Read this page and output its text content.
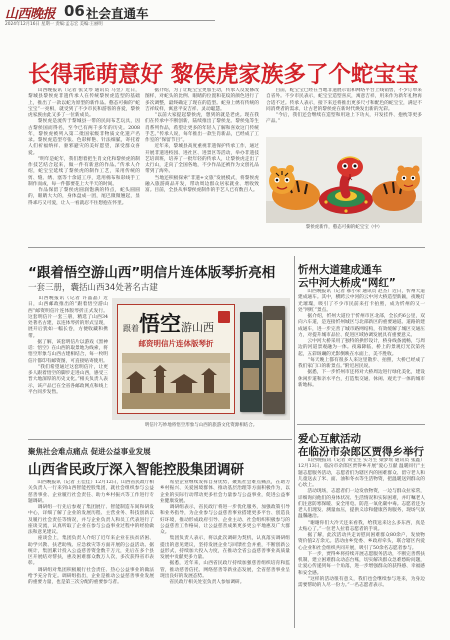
山西晚报 06 社会直通车
2024年12月16日 星期一 责编:孟志宏 美编:王丽明
长得乖萌意好 黎侯虎家族多了个蛇宝宝
　　山西晚报讯（记者 张文琴 通讯员 马昱）近日，黎城县黎侯虎非遗传承人在传统黎侯虎造型的基础上，推出了一款以蛇为原型的新作品。憨态可掬的“蛇宝宝”一亮相，就受到了不少市民和游客的喜爱，黎侯虎家族由此又多了一位新成员。
　　黎侯虎是流传于黎城县一带的民间布艺玩具，因古黎侯国而得名，至今已有两千多年的历史。2008年，黎侯虎被列入第二批国家级非物质文化遗产名录。黎侯虎造型夸张、色彩鲜艳、针法细腻，寄托着人们祈福纳祥、驱邪避灾的美好愿望，深受群众喜爱。
　　“明年是蛇年，我们想着把生肖文化和黎侯虎的制作技艺结合起来，做一件有新意的作品。”传承人介绍，蛇宝宝延续了黎侯虎的制作工艺，采用传统的剪、缝、绣、塞等十余道工序，选用棉布和彩线手工制作而成，每一件都要花上大半天的时间。
　　作品保留了黎侯虎圆润饱满的特点，蛇头圆圆的，眼睛大大的，身体盘成一团，尾巴微微翘起，显得乖巧又可爱，让人一看就忍不住想抱在怀里。
　　据介绍，为了让蛇宝宝更加生动，传承人反复修改图样，对蛇头的比例、眼睛的位置和花纹的颜色进行了多次调整，最终确定了现在的造型。蛇身上绣有传统的吉祥纹样，寓意平安吉祥、灵动聪慧。
　　“以前大家提起黎侯虎，想到的就是老虎。现在我们在传承中不断创新，陆续推出了黎侯龙、黎侯兔等生肖系列作品，希望让更多的年轻人了解和喜欢这门传统手艺。”传承人说，每年推出一款生肖新品，已经成了工作室的“保留节目”。
　　近年来，黎城县高度重视非遗保护传承工作，通过开展非遗进校园、进社区、进景区等活动，举办非遗技艺培训班，培养了一批年轻的传承人，让黎侯虎走出了太行山，走向了全国各地，不少作品还被作为文创礼品带到了海外。
　　当地还积极探索“非遗+文旅”发展模式，将黎侯虎融入旅游商品开发，带动周边群众居家就业、增收致富。目前，全县从事黎侯虎制作的手艺人已有数百人。
　　目前，蛇宝宝已经在当地非遗展示馆和网络平台上线销售，不少订单来自省外。不少市民表示，蛇宝宝造型喜庆，寓意吉祥，用来作为新年礼物再合适不过。传承人表示，接下来还将推出更多尺寸和配色的蛇宝宝，满足不同消费者的需求，让古老的黎侯虎在新时代焕发出新的光彩。
　　“今后，我们还会继续在造型和用途上下功夫，开发挂件、抱枕等更多产品。”
黎侯虎新作，憨态可掬的蛇宝宝（中）
“跟着悟空游山西”明信片连体版琴折亮相
一套三册，囊括山西34处著名古建
　　山西晚报讯（记者 许晶晶）近日，山西邮政推出的“跟着悟空游山西”邮资明信片连体版琴折正式发行。这套明信片一套三册，精选了山西34处著名古建，以连体琴折的形式呈现，展开后犹如一幅长卷，方便收藏和携带。
　　据了解，该套明信片以游戏《黑神话：悟空》在山西的取景地为线索，将悟空形象与山西古建相结合，每一枚明信片都印有邮资图，可直接贴寄使用。
　　“我们希望通过这套明信片，让更多人跟着悟空的脚步走进山西，感受三晋大地深厚的历史文化。”相关负责人表示，该产品已在全省各邮政网点和线上平台同步发售。
跟着悟空游山西
邮资明信片连体版琴折
明信片巧妙地将悟空形象与山西的旅游文化资源相结合。
聚焦社会难点痛点 促进公益事业发展
山西省民政厅深入智能控股集团调研
　　山西晚报讯（记者 王佳佳）12月12日，山西省民政厅相关负责人一行来到山西智能控股集团，就社会组织参与公益慈善事业、企业履行社会责任、助力乡村振兴等工作进行专题调研。
　　调研组一行先后参观了集团展厅、智能制造车间和研发中心，详细了解了企业的发展历程、主营业务、科技创新以及履行社会责任等情况，并与企业负责人和员工代表进行了座谈交流，认真听取了企业在参与公益事业过程中的经验做法和意见建议。
　　座谈会上，集团负责人介绍了近年来企业在扶贫济困、助学兴教、扶老助残、应急救灾等方面开展的公益活动。据统计，集团累计投入公益慈善资金数千万元，先后在多个县区开展结对帮扶，惠及困难群众数万人次，多次获得省市表彰。
　　调研组对集团积极履行社会责任、热心公益事业的做法给予充分肯定。调研组指出，企业是推动公益慈善事业发展的重要力量，也是第三次分配的重要参与者。
　　希望企业继续发挥自身优势，聚焦社会难点痛点，在助力乡村振兴、关爱困境群体、推动基层治理等方面积极作为，以企业的实际行动带动更多社会力量参与公益事业，促进公益事业健康发展。
　　调研组表示，省民政厅将进一步优化服务，加强政策引导和业务指导，为企业参与公益慈善事业搭建更多平台、创造良好环境，推动形成政府引导、企业主动、社会组织积极参与的公益慈善工作格局，让公益慈善成果更多更公平地惠及广大群众。
　　集团负责人表示，将以此次调研为契机，认真落实调研组提出的意见建议，坚持发展企业与回馈社会并重，不断创新公益形式，持续加大投入力度，在推动全省公益慈善事业高质量发展中贡献更多力量。
　　据悉，近年来，山西省民政厅持续加强慈善组织培育和监管，推动慈善信托、网络慈善等新业态发展，全省慈善事业呈现出良好的发展态势。
　　省民政厅相关处室负责人参加调研。
忻州大道建成通车
云中河大桥成“网红”
　　山西晚报讯（记者 郝小荣 通讯员 赵杰）近日，忻州大道建成通车。其中，横跨云中河的云中河大桥造型新颖，夜晚灯光璀璨，吸引了不少市民前来打卡拍照，成为忻州的又一处“网红”景点。
　　据介绍，忻州大道位于忻州市区北部，全长约6公里，双向六车道，是连接忻州城区与北部新区的重要通道。道路的建成通车，进一步完善了城市路网结构，有效缓解了城区交通压力，对提升城市品位、促进区域协调发展具有重要意义。
　　云中河大桥采用了独特的拱形设计，桥身线条流畅，与周边的河道景观融为一体。夜幕降临，桥上的景观灯光次第亮起，五彩斑斓的光影倒映在水面上，美不胜收。
　　“每天晚上都有很多人来这里散步、拍照，大桥已经成了我们家门口的新景点。”附近居民说。
　　据悉，下一步忻州市还将对大桥周边进行绿化美化，建设休闲步道和亲水平台，打造集交通、休闲、观光于一体的城市新地标。
爱心互献活动
在临汾市杂郎区贾得乡举行
　　山西晚报讯（记者 刘宝生 实习生 梁梦瑶 通讯员 张鑫）12月13日，临汾市杂郎区贾得乡开展“爱心互献 温暖同行”主题志愿服务活动，志愿者们为辖区内的困难群众、留守老人和儿童送去了米、面、油和冬衣等生活物资，把温暖送到群众的心坎上。
　　活动现场，志愿者们一边发放物资，一边与群众拉家常，详细询问他们的身体状况、生活情况和实际困难，并叮嘱老人们注意防寒保暖、安全用电、防范一氧化碳中毒。志愿者还为老人们理发、测量血压，提供义诊和健康咨询服务，现场气氛温馨融洽。
　　“谢谢你们大冷天还来看我，给我送来这么多东西，真是太贴心了。”一位老人拉着志愿者的手说。
　　据了解，此次活动共走访慰问困难群众80余户，发放物资价值2万余元。活动由乡党委、乡政府牵头，联合辖区内爱心企业和社会组织共同开展，吸引了50余名志愿者参与。
　　下一步，贾得乡将持续开展志愿服务活动，不断完善帮扶机制，建立困难群众动态台账，切实解决群众急难愁盼问题，让爱心传递到每一个角落，进一步增强群众的获得感、幸福感和安全感。
　　“这样的活动很有意义，我们也会继续参与进来，为身边需要帮助的人尽一份力。”一名志愿者表示。
